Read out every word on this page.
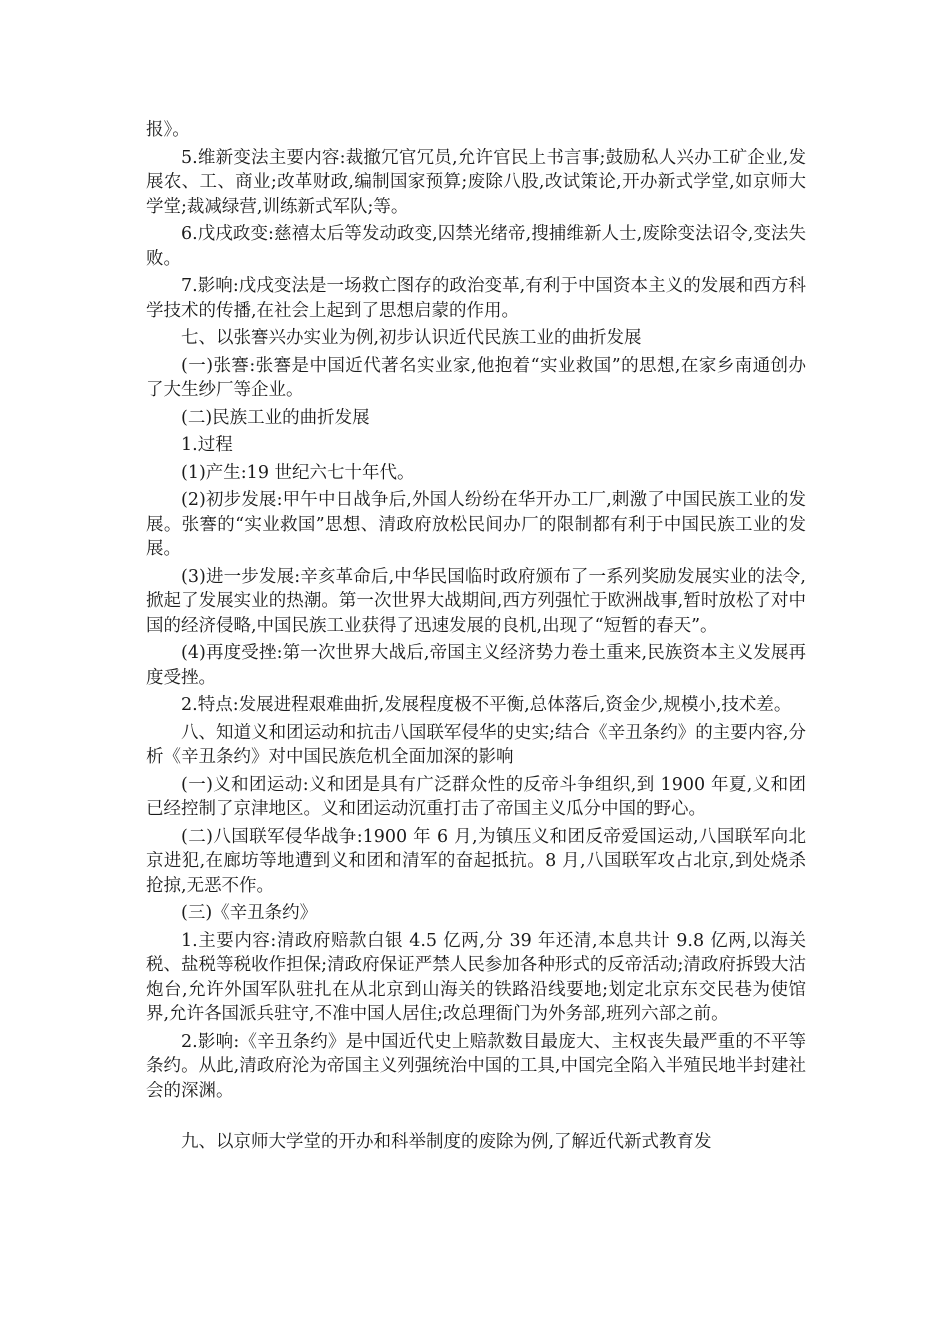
报》。

5.维新变法主要内容:裁撤冗官冗员,允许官民上书言事;鼓励私人兴办工矿企业,发展农、工、商业;改革财政,编制国家预算;废除八股,改试策论,开办新式学堂,如京师大学堂;裁减绿营,训练新式军队;等。

6.戊戌政变:慈禧太后等发动政变,囚禁光绪帝,搜捕维新人士,废除变法诏令,变法失败。

7.影响:戊戌变法是一场救亡图存的政治变革,有利于中国资本主义的发展和西方科学技术的传播,在社会上起到了思想启蒙的作用。

七、以张謇兴办实业为例,初步认识近代民族工业的曲折发展

(一)张謇:张謇是中国近代著名实业家,他抱着“实业救国”的思想,在家乡南通创办了大生纱厂等企业。

(二)民族工业的曲折发展

1.过程

(1)产生:19 世纪六七十年代。

(2)初步发展:甲午中日战争后,外国人纷纷在华开办工厂,刺激了中国民族工业的发展。张謇的“实业救国”思想、清政府放松民间办厂的限制都有利于中国民族工业的发展。

(3)进一步发展:辛亥革命后,中华民国临时政府颁布了一系列奖励发展实业的法令,掀起了发展实业的热潮。第一次世界大战期间,西方列强忙于欧洲战事,暂时放松了对中国的经济侵略,中国民族工业获得了迅速发展的良机,出现了“短暂的春天”。

(4)再度受挫:第一次世界大战后,帝国主义经济势力卷土重来,民族资本主义发展再度受挫。

2.特点:发展进程艰难曲折,发展程度极不平衡,总体落后,资金少,规模小,技术差。

八、知道义和团运动和抗击八国联军侵华的史实;结合《辛丑条约》的主要内容,分析《辛丑条约》对中国民族危机全面加深的影响

(一)义和团运动:义和团是具有广泛群众性的反帝斗争组织,到 1900 年夏,义和团已经控制了京津地区。义和团运动沉重打击了帝国主义瓜分中国的野心。

(二)八国联军侵华战争:1900 年 6 月,为镇压义和团反帝爱国运动,八国联军向北京进犯,在廊坊等地遭到义和团和清军的奋起抵抗。8 月,八国联军攻占北京,到处烧杀抢掠,无恶不作。

(三)《辛丑条约》

1.主要内容:清政府赔款白银 4.5 亿两,分 39 年还清,本息共计 9.8 亿两,以海关税、盐税等税收作担保;清政府保证严禁人民参加各种形式的反帝活动;清政府拆毁大沽炮台,允许外国军队驻扎在从北京到山海关的铁路沿线要地;划定北京东交民巷为使馆界,允许各国派兵驻守,不准中国人居住;改总理衙门为外务部,班列六部之前。

2.影响:《辛丑条约》是中国近代史上赔款数目最庞大、主权丧失最严重的不平等条约。从此,清政府沦为帝国主义列强统治中国的工具,中国完全陷入半殖民地半封建社会的深渊。

九、以京师大学堂的开办和科举制度的废除为例,了解近代新式教育发
